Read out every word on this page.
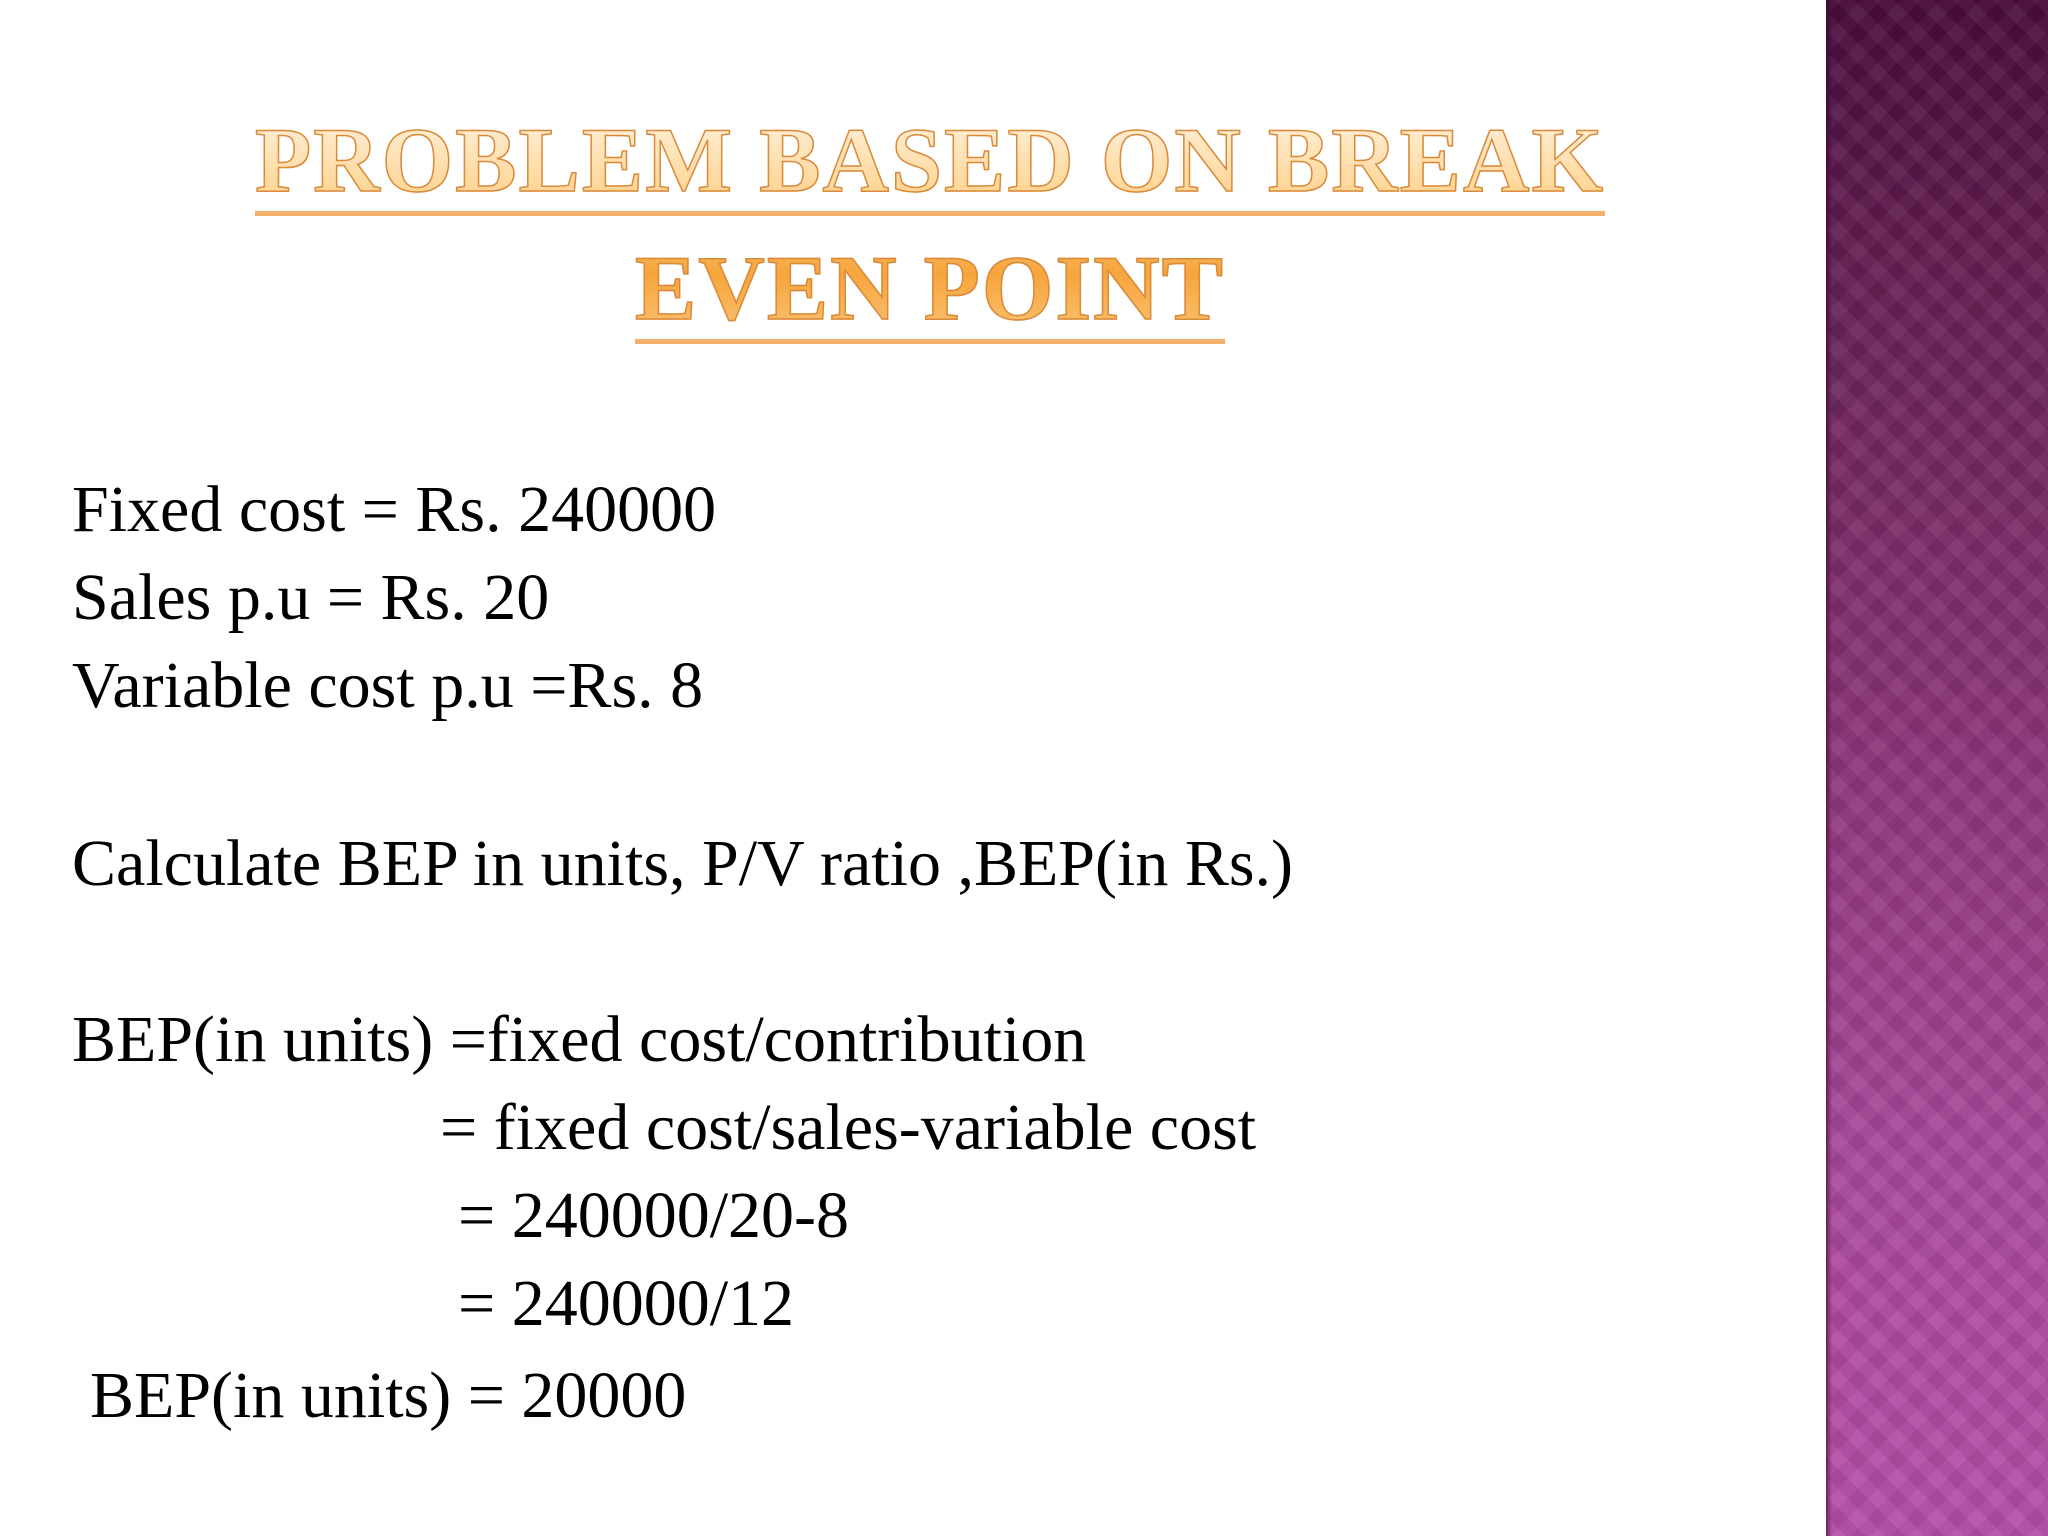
PROBLEM BASED ON BREAK
EVEN POINT

Fixed cost = Rs. 240000

Sales p.u = Rs. 20

Variable cost p.u =Rs. 8

Calculate BEP in units, P/V ratio ,BEP(in Rs.)

BEP(in units) =fixed cost/contribution

= fixed cost/sales-variable cost

= 240000/20-8

= 240000/12

BEP(in units) = 20000
